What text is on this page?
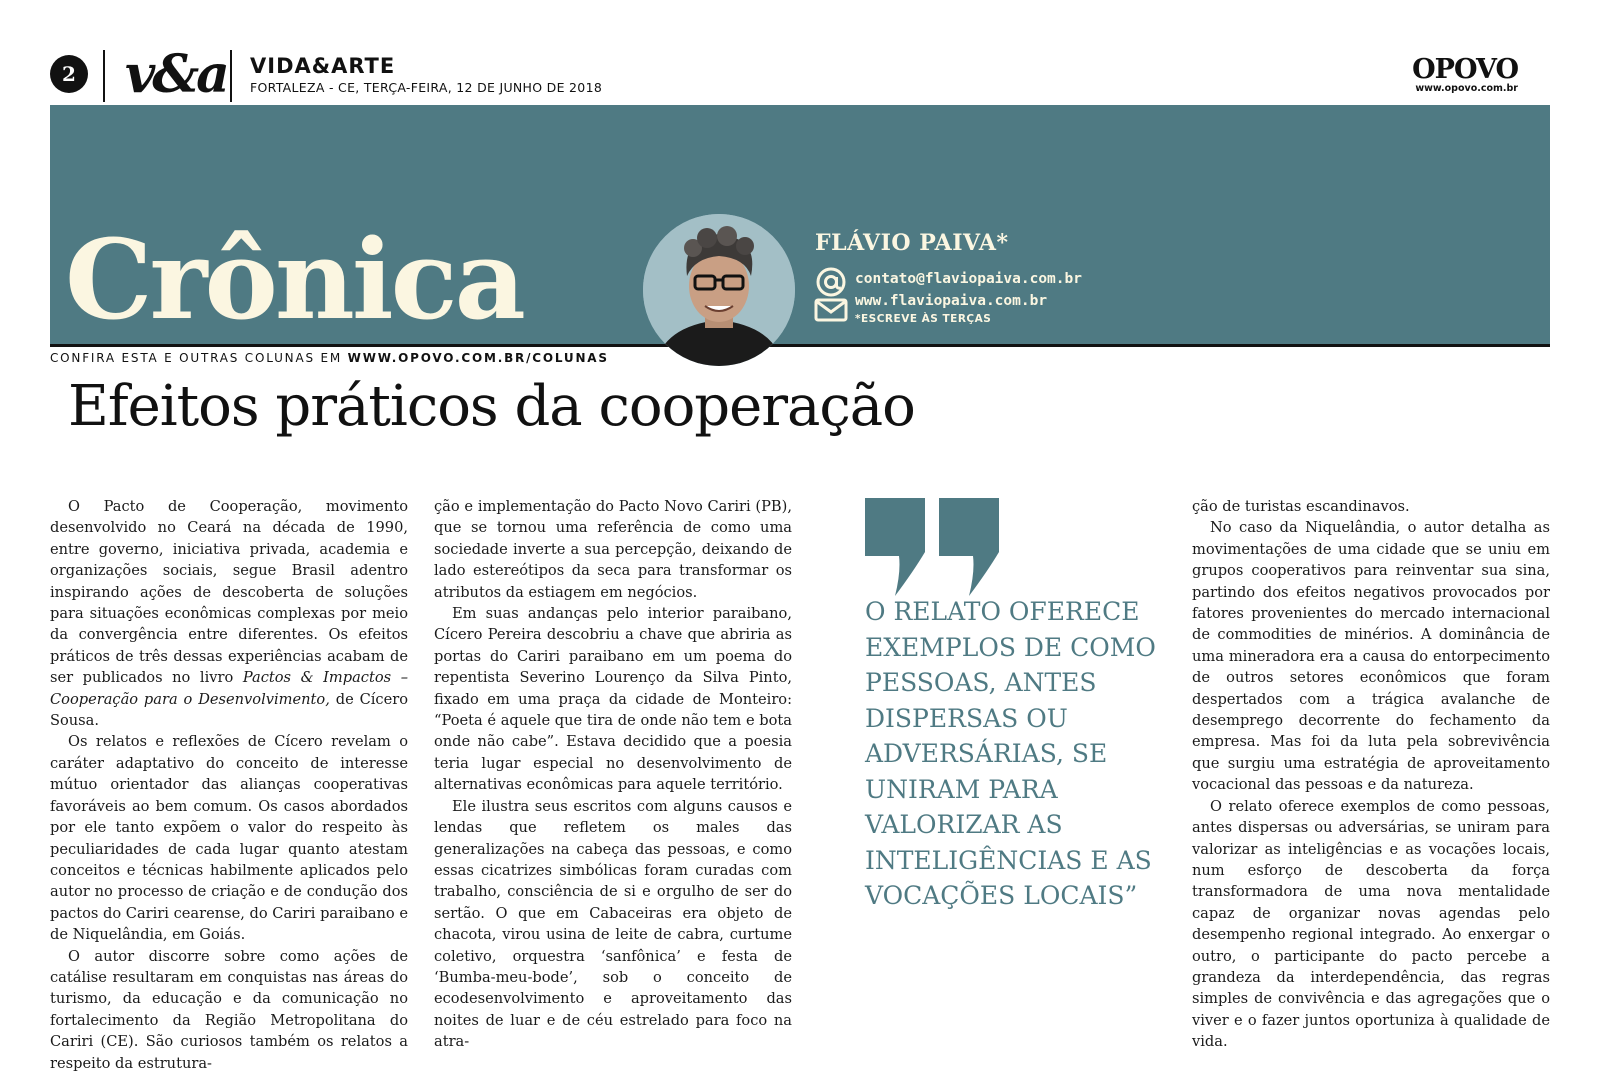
2 v&a VIDA&ARTE
FORTALEZA - CE, TERÇA-FEIRA, 12 DE JUNHO DE 2018
OPOVO
www.opovo.com.br
Crônica	FLÁVIO PAIVA*
contato@flaviopaiva.com.br
www.flaviopaiva.com.br
*ESCREVE ÀS TERÇAS
CONFIRA ESTA E OUTRAS COLUNAS EM WWW.OPOVO.COM.BR/COLUNAS
Efeitos práticos da cooperação

O Pacto de Cooperação, movimento desenvolvido no Ceará na década de 1990, entre governo, iniciativa privada, academia e organizações sociais, segue Brasil adentro inspirando ações de descoberta de soluções para situações econômicas complexas por meio da convergência entre diferentes. Os efeitos práticos de três dessas experiências acabam de ser publicados no livro Pactos & Impactos – Cooperação para o Desenvolvimento, de Cícero Sousa.

Os relatos e reflexões de Cícero revelam o caráter adaptativo do conceito de interesse mútuo orientador das alianças cooperativas favoráveis ao bem comum. Os casos abordados por ele tanto expõem o valor do respeito às peculiaridades de cada lugar quanto atestam conceitos e técnicas habilmente aplicados pelo autor no processo de criação e de condução dos pactos do Cariri cearense, do Cariri paraibano e de Niquelândia, em Goiás.

O autor discorre sobre como ações de catálise resultaram em conquistas nas áreas do turismo, da educação e da comunicação no fortalecimento da Região Metropolitana do Cariri (CE). São curiosos também os relatos a respeito da estrutura-

ção e implementação do Pacto Novo Cariri (PB), que se tornou uma referência de como uma sociedade inverte a sua percepção, deixando de lado estereótipos da seca para transformar os atributos da estiagem em negócios.

Em suas andanças pelo interior paraibano, Cícero Pereira descobriu a chave que abriria as portas do Cariri paraibano em um poema do repentista Severino Lourenço da Silva Pinto, fixado em uma praça da cidade de Monteiro: “Poeta é aquele que tira de onde não tem e bota onde não cabe”. Estava decidido que a poesia teria lugar especial no desenvolvimento de alternativas econômicas para aquele território.

Ele ilustra seus escritos com alguns causos e lendas que refletem os males das generalizações na cabeça das pessoas, e como essas cicatrizes simbólicas foram curadas com trabalho, consciência de si e orgulho de ser do sertão. O que em Cabaceiras era objeto de chacota, virou usina de leite de cabra, curtume coletivo, orquestra ‘sanfônica’ e festa de ‘Bumba-meu-bode’, sob o conceito de ecodesenvolvimento e aproveitamento das noites de luar e de céu estrelado para foco na atra-

O RELATO OFERECE EXEMPLOS DE COMO PESSOAS, ANTES DISPERSAS OU ADVERSÁRIAS, SE UNIRAM PARA VALORIZAR AS INTELIGÊNCIAS E AS VOCAÇÕES LOCAIS”

ção de turistas escandinavos.

No caso da Niquelândia, o autor detalha as movimentações de uma cidade que se uniu em grupos cooperativos para reinventar sua sina, partindo dos efeitos negativos provocados por fatores provenientes do mercado internacional de commodities de minérios. A dominância de uma mineradora era a causa do entorpecimento de outros setores econômicos que foram despertados com a trágica avalanche de desemprego decorrente do fechamento da empresa. Mas foi da luta pela sobrevivência que surgiu uma estratégia de aproveitamento vocacional das pessoas e da natureza.

O relato oferece exemplos de como pessoas, antes dispersas ou adversárias, se uniram para valorizar as inteligências e as vocações locais, num esforço de descoberta da força transformadora de uma nova mentalidade capaz de organizar novas agendas pelo desempenho regional integrado. Ao enxergar o outro, o participante do pacto percebe a grandeza da interdependência, das regras simples de convivência e das agregações que o viver e o fazer juntos oportuniza à qualidade de vida.
